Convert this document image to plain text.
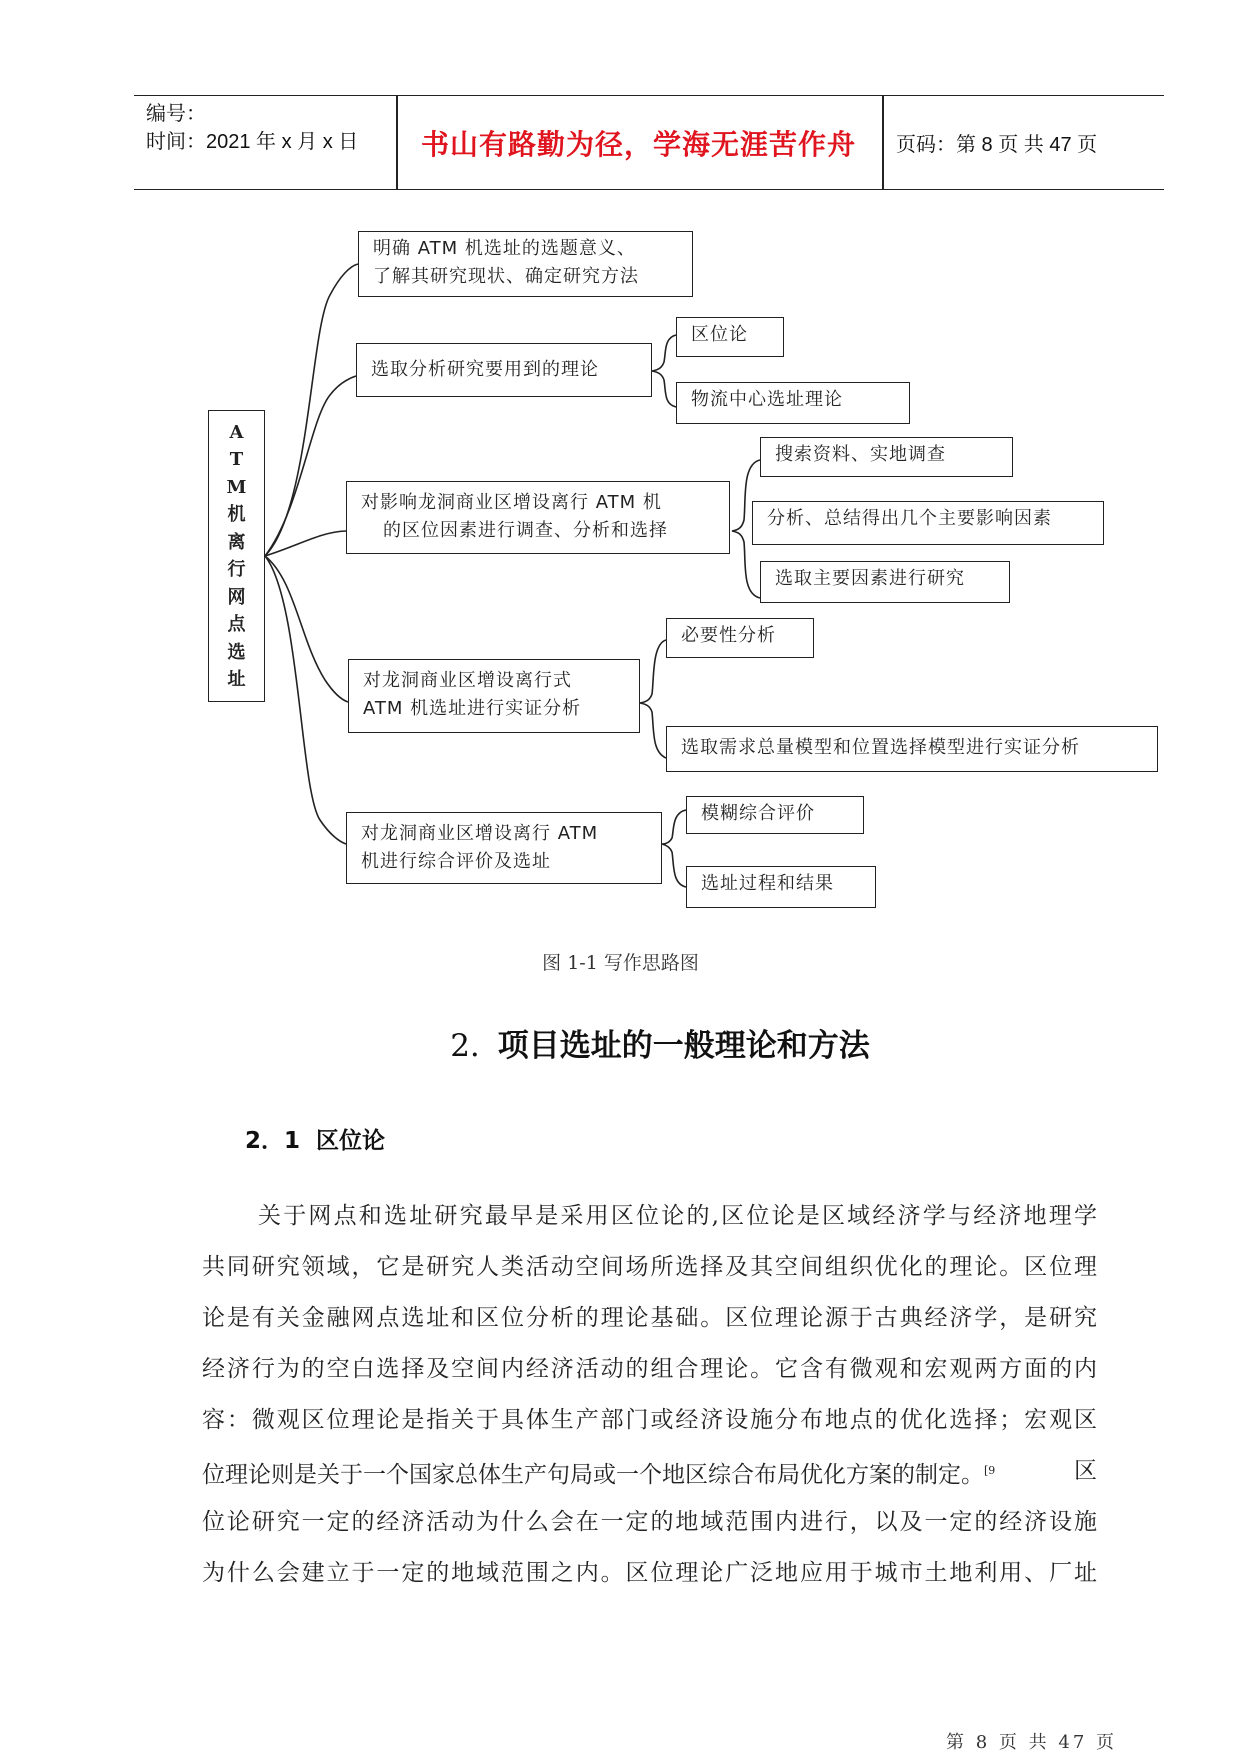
编号：
时间：2021 年 x 月 x 日	书山有路勤为径，学海无涯苦作舟	页码：第 8 页 共 47 页
A
T
M
机
离
行
网
点
选
址
明确 ATM 机选址的选题意义、
了解其研究现状、确定研究方法
选取分析研究要用到的理论
对影响龙洞商业区增设离行 ATM 机
的区位因素进行调查、分析和选择
对龙洞商业区增设离行式
ATM 机选址进行实证分析
对龙洞商业区增设离行 ATM
机进行综合评价及选址
区位论
物流中心选址理论
搜索资料、实地调查
分析、总结得出几个主要影响因素
选取主要因素进行研究
必要性分析
选取需求总量模型和位置选择模型进行实证分析
模糊综合评价
选址过程和结果
图 1-1 写作思路图
2. 项目选址的一般理论和方法
2．1 区位论
关于网点和选址研究最早是采用区位论的,区位论是区域经济学与经济地理学
共同研究领域，它是研究人类活动空间场所选择及其空间组织优化的理论。区位理
论是有关金融网点选址和区位分析的理论基础。区位理论源于古典经济学，是研究
经济行为的空白选择及空间内经济活动的组合理论。它含有微观和宏观两方面的内
容：微观区位理论是指关于具体生产部门或经济设施分布地点的优化选择；宏观区
位理论则是关于一个国家总体生产句局或一个地区综合布局优化方案的制定。$^{[9}$	区
位论研究一定的经济活动为什么会在一定的地域范围内进行，以及一定的经济设施
为什么会建立于一定的地域范围之内。区位理论广泛地应用于城市土地利用、厂址
第 8 页 共 47 页
